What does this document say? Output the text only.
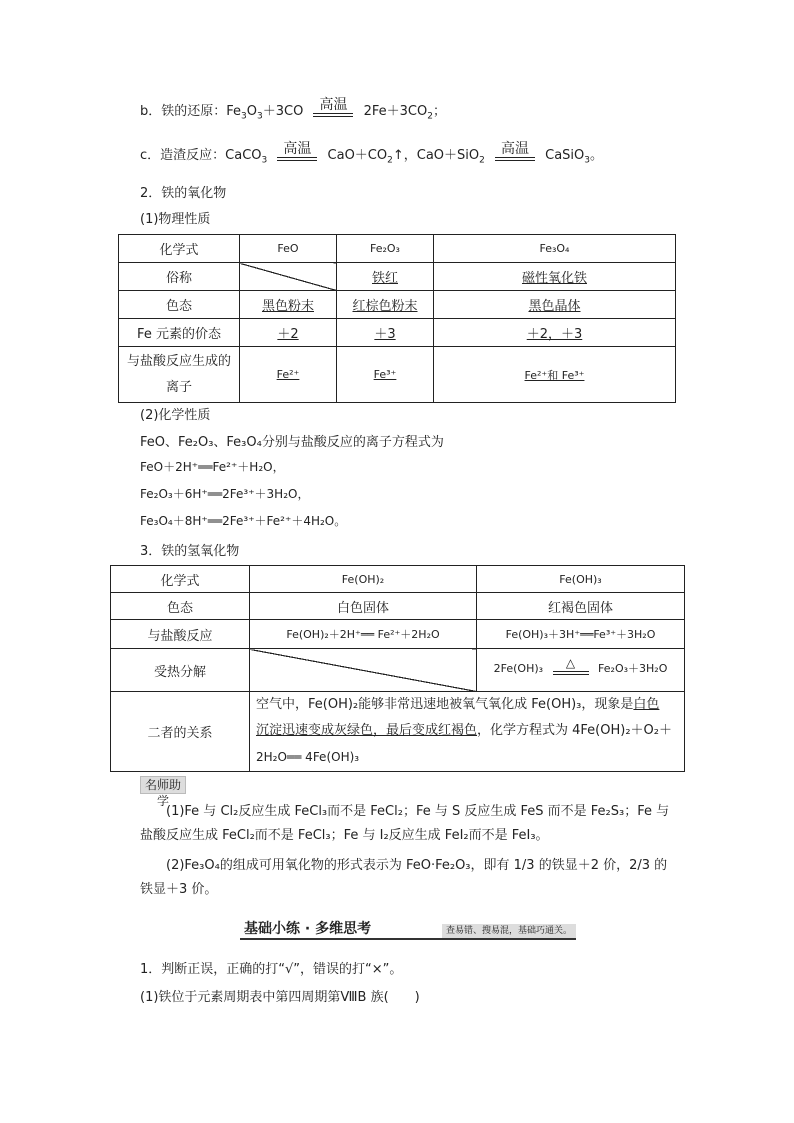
b．铁的还原：$Fe_3O_3+3CO$	高温	$2Fe+3CO_2$；
c．造渣反应：CaCO$_3$
高温	$CaO+CO_2↑$，CaO＋SiO$_2$
高温	CaSiO$_3$。
2．铁的氧化物
(1)物理性质
化学式	FeO	Fe₂O₃	Fe₃O₄
俗称		铁红	磁性氧化铁
色态	黑色粉末	红棕色粉末	黑色晶体
Fe 元素的价态	＋2	＋3	＋2，＋3
与盐酸反应生成的离子	Fe²⁺	Fe³⁺	Fe²⁺和 Fe³⁺
(2)化学性质
FeO、Fe₂O₃、Fe₃O₄分别与盐酸反应的离子方程式为
FeO＋2H⁺══Fe²⁺＋H₂O，
Fe₂O₃＋6H⁺══2Fe³⁺＋3H₂O，
Fe₃O₄＋8H⁺══2Fe³⁺＋Fe²⁺＋4H₂O。
3．铁的氢氧化物
化学式	Fe(OH)₂	Fe(OH)₃
色态	白色固体	红褐色固体
与盐酸反应	Fe(OH)₂＋2H⁺══ Fe²⁺＋2H₂O	Fe(OH)₃＋3H⁺══Fe³⁺＋3H₂O
受热分解		2Fe(OH)₃ △ Fe₂O₃＋3H₂O
二者的关系	空气中，Fe(OH)₂能够非常迅速地被氧气氧化成 Fe(OH)₃，现象是白色
沉淀迅速变成灰绿色，最后变成红褐色，化学方程式为 4Fe(OH)₂＋O₂＋
2H₂O══ 4Fe(OH)₃	
名师助学
(1)Fe 与 Cl₂反应生成 FeCl₃而不是 FeCl₂；Fe 与 S 反应生成 FeS 而不是 Fe₂S₃；Fe 与盐酸反应生成 FeCl₂而不是 FeCl₃；Fe 与 I₂反应生成 FeI₂而不是 FeI₃。
(2)Fe₃O₄的组成可用氧化物的形式表示为 FeO·Fe₂O₃，即有 1/3 的铁显＋2 价，2/3 的铁显＋3 价。
基础小练 · 多维思考	查易错、搜易混，基础巧通关。
1．判断正误，正确的打“√”，错误的打“×”。
(1)铁位于元素周期表中第四周期第ⅧB 族(　　)
